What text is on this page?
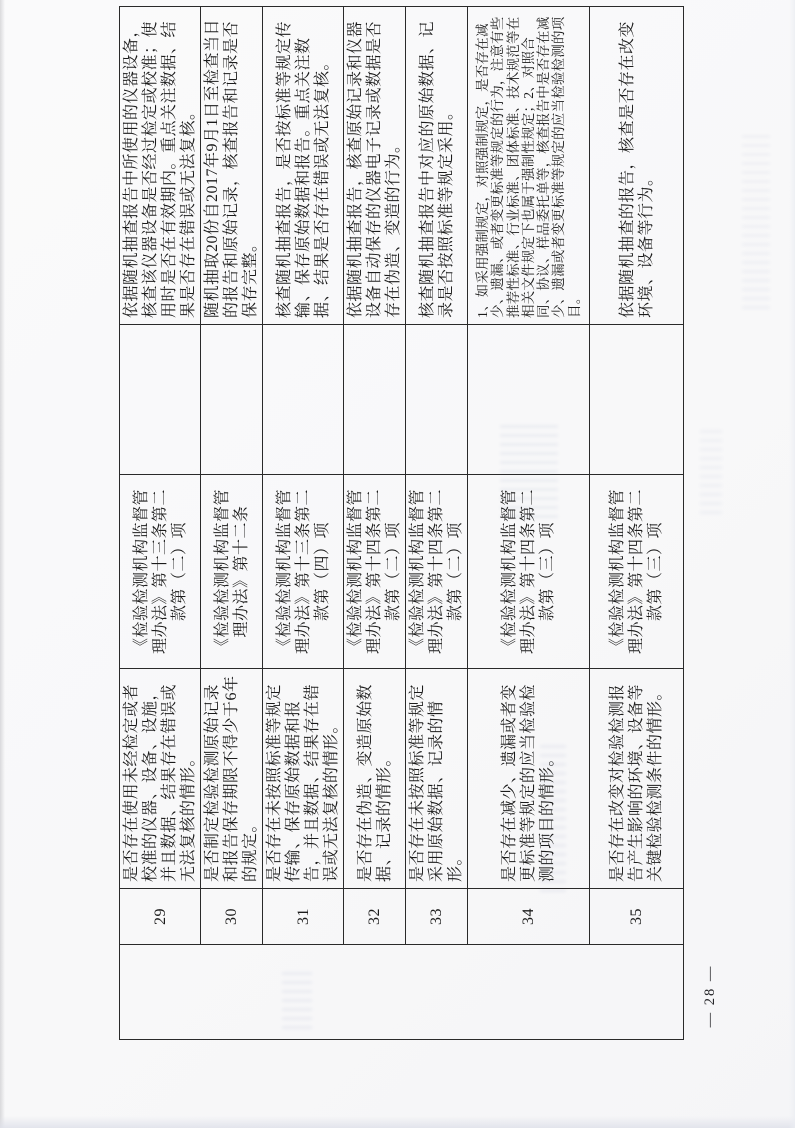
	29	是否存在使用未经检定或者校准的仪器、设备、设施，并且数据、结果存在错误或无法复核的情形。	《检验检测机构监督管理办法》第十三条第二款第（二）项		依据随机抽查报告中所使用的仪器设备，核查该仪器设备是否经过检定或校准；使用时是否在有效期内。重点关注数据、结果是否存在错误或无法复核。
	30	是否制定检验检测原始记录和报告保存期限不得少于6年的规定。	《检验检测机构监督管理办法》第十二条		随机抽取20份自2017年9月1日至检查当日的报告和原始记录，核查报告和记录是否保存完整。
	31	是否存在未按照标准等规定传输、保存原始数据和报告，并且数据、结果存在错误或无法复核的情形。	《检验检测机构监督管理办法》第十三条第二款第（四）项		核查随机抽查报告，是否按标准等规定传输、保存原始数据和报告。重点关注数据、结果是否存在错误或无法复核。
	32	是否存在伪造、变造原始数据、记录的情形。	《检验检测机构监督管理办法》第十四条第二款第（二）项		依据随机抽查报告，核查原始记录和仪器设备自动保存的仪器电子记录或数据是否存在伪造、变造的行为。
	33	是否存在未按照标准等规定采用原始数据、记录的情形。	《检验检测机构监督管理办法》第十四条第二款第（二）项		核查随机抽查报告中对应的原始数据、记录是否按照标准等规定采用。
	34	是否存在减少、遗漏或者变更标准等规定的应当检验检测的项目的情形。	《检验检测机构监督管理办法》第十四条第二款第（三）项		1、如采用强制规定，对照强制规定，是否存在减少、遗漏、或者变更标准等规定的行为，注意有些推荐性标准、行业标准、团体标准、技术规范等在相关文件规定下也属于强制性规定；2、对照合同、协议、样品委托单等，核查报告中是否存在减少、遗漏或者变更标准等规定的应当检验检测的项目。
	35	是否存在改变对检验检测报告产生影响的环境、设备等关键检验检测条件的情形。	《检验检测机构监督管理办法》第十四条第二款第（三）项		依据随机抽查的报告，核查是否存在改变环境、设备等行为。
— 28 —
